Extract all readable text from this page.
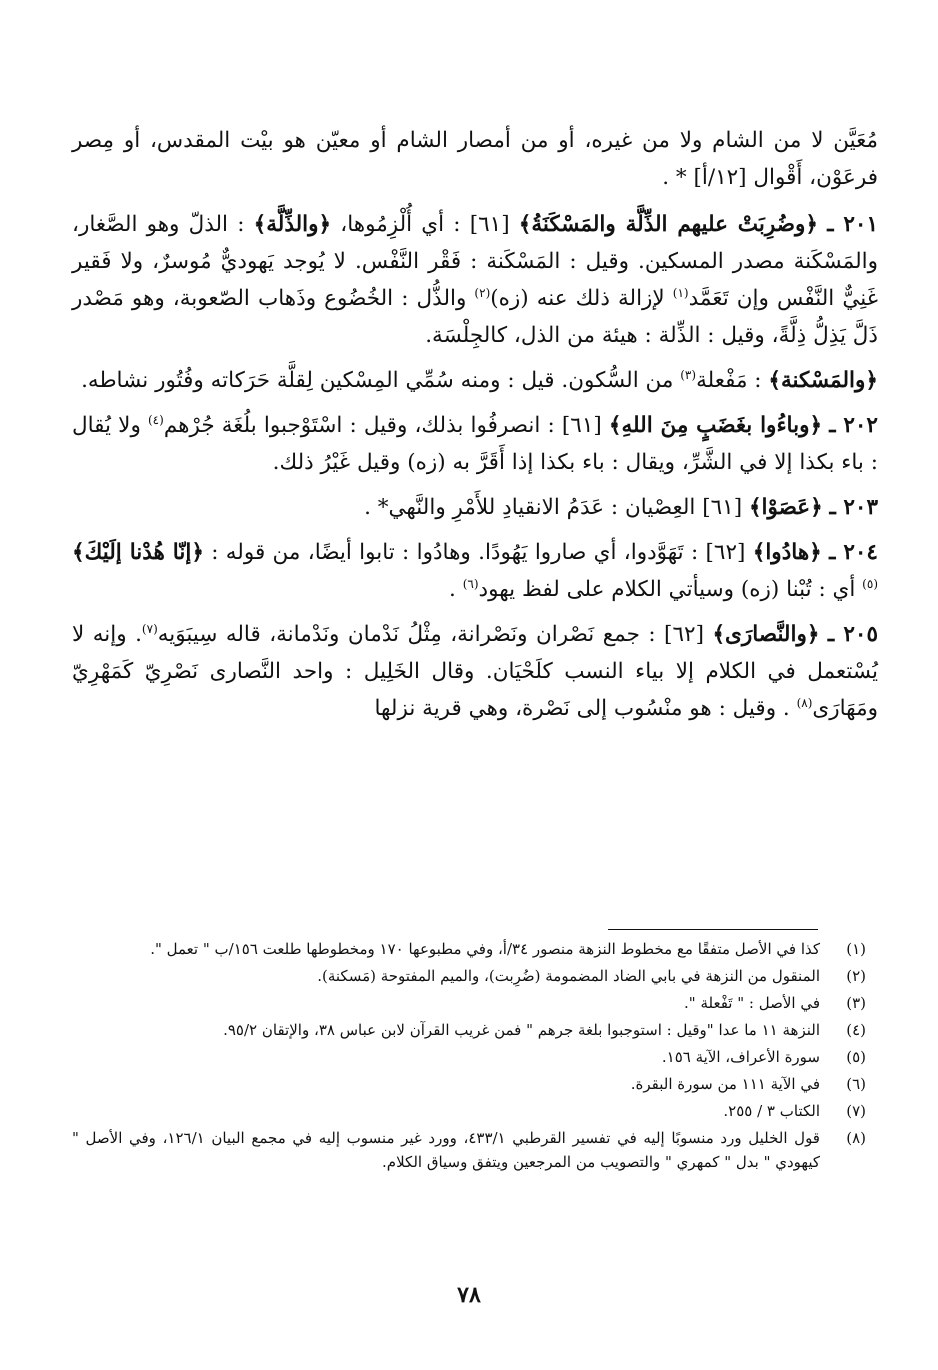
مُعَيَّن لا من الشام ولا من غيره، أو من أمصار الشام أو معيّن هو بيْت المقدس، أو مِصر فرعَوْن، أَقْوال [١٢/أ] * .

٢٠١ ـ ﴿وضُرِبَتْ عليهم الذِّلَّة والمَسْكَنَةُ﴾ [٦١] : أي أُلْزِمُوها، ﴿والذِّلَّة﴾ : الذلّ وهو الصَّغار، والمَسْكَنة مصدر المسكين. وقيل : المَسْكَنة : فَقْر النَّفْس. لا يُوجد يَهوديٌّ مُوسرٌ، ولا فَقير غَنِيٌّ النَّفْس وإن تَعَمَّد$^{(١)}$ لإزالة ذلك عنه (زه)$^{(٢)}$ والذُّل : الخُضُوع وذَهاب الصّعوبة، وهو مَصْدر ذَلَّ يَذِلُّ ذِلَّةً، وقيل : الذِّلة : هيئة من الذل، كالجِلْسَة.

﴿والمَسْكنة﴾ : مَفْعلة$^{(٣)}$ من السُّكون. قيل : ومنه سُمِّي المِسْكين لِقلَّة حَرَكاته وفُتُور نشاطه.

٢٠٢ ـ ﴿وباءُوا بغَضَبٍ مِنَ اللهِ﴾ [٦١] : انصرفُوا بذلك، وقيل : اسْتَوْجبوا بلُغَة جُرْهم$^{(٤)}$ ولا يُقال : باء بكذا إلا في الشَّرِّ، ويقال : باء بكذا إذا أَقَرَّ به (زه) وقيل غَيْرُ ذلك.

٢٠٣ ـ ﴿عَصَوْا﴾ [٦١] العِصْيان : عَدَمُ الانقيادِ للأَمْرِ والنَّهي* .

٢٠٤ ـ ﴿هادُوا﴾ [٦٢] : تَهَوَّدوا، أي صاروا يَهُودًا. وهادُوا : تابوا أيضًا، من قوله : ﴿إنّا هُدْنا إلَيْكَ﴾$^{(٥)}$ أي : تُبْنا (زه) وسيأتي الكلام على لفظ يهود$^{(٦)}$ .

٢٠٥ ـ ﴿والنَّصارَى﴾ [٦٢] : جمع نَصْران ونَصْرانة، مِثْلُ نَدْمان ونَدْمانة، قاله سِيبَوَيه$^{(٧)}$. وإنه لا يُسْتعمل في الكلام إلا بياء النسب كلَحْيَان. وقال الخَلِيل : واحد النَّصارى نَصْرِيّ كَمَهْرِيّ ومَهَارَى$^{(٨)}$ . وقيل : هو منْسُوب إلى نَصْرة، وهي قرية نزلها

(١)
كذا في الأصل متفقًا مع مخطوط النزهة منصور ٣٤/أ، وفي مطبوعها ١٧٠ ومخطوطها طلعت ١٥٦/ب " تعمل ".
(٢)
المنقول من النزهة في بابي الضاد المضمومة (ضُرِبت)، والميم المفتوحة (مَسكنة).
(٣)
في الأصل : " تَفْعلة ".
(٤)
النزهة ١١ ما عدا "وقيل : استوجبوا بلغة جرهم " فمن غريب القرآن لابن عباس ٣٨، والإتقان ٩٥/٢.
(٥)
سورة الأعراف، الآية ١٥٦.
(٦)
في الآية ١١١ من سورة البقرة.
(٧)
الكتاب ٣ / ٢٥٥.
(٨)
قول الخليل ورد منسوبًا إليه في تفسير القرطبي ٤٣٣/١، وورد غير منسوب إليه في مجمع البيان ١٢٦/١، وفي الأصل " كيهودي " بدل " كمهري " والتصويب من المرجعين ويتفق وسياق الكلام.
٧٨
